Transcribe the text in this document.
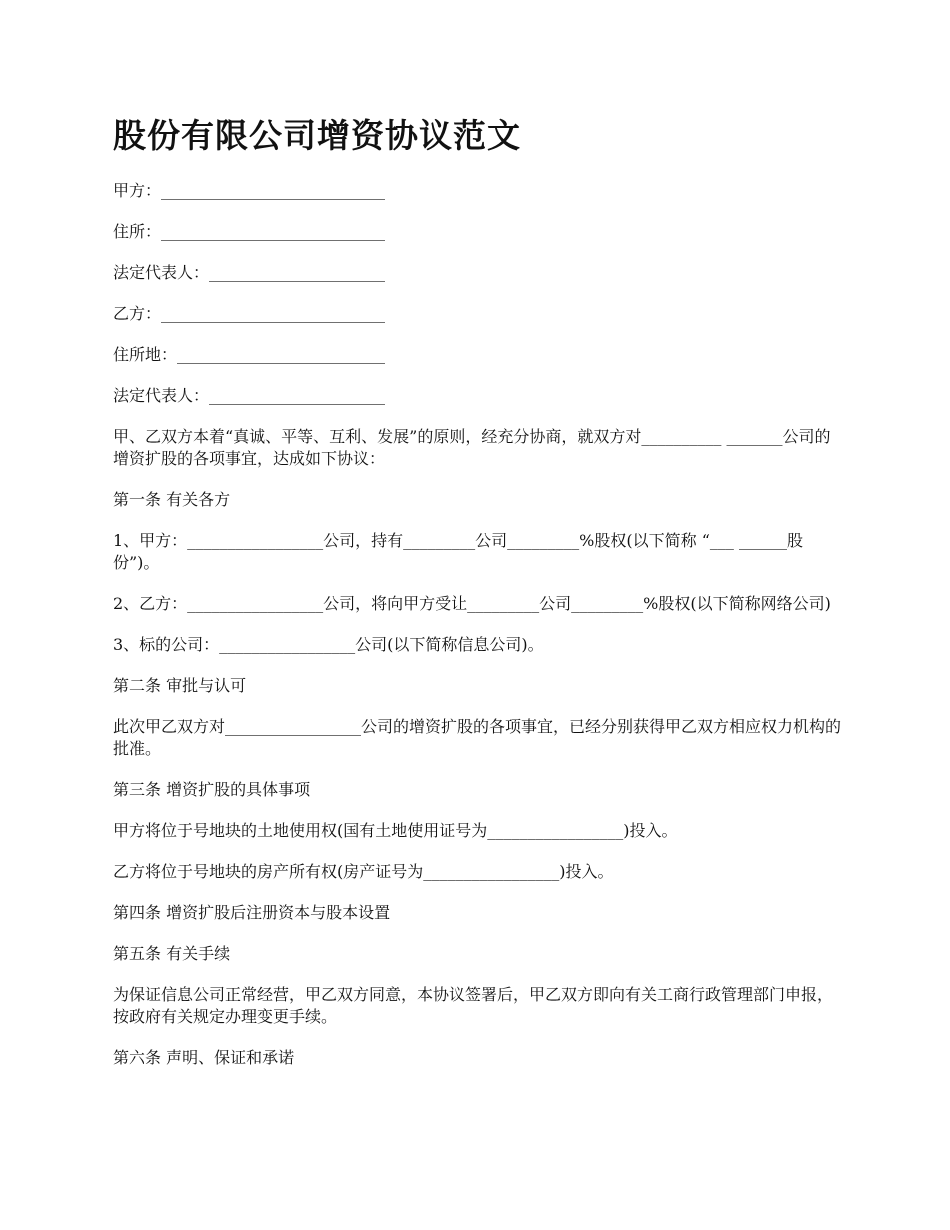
股份有限公司增资协议范文
甲方：____________________________
住所：____________________________
法定代表人：______________________
乙方：____________________________
住所地：__________________________
法定代表人：______________________

甲、乙双方本着“真诚、平等、互利、发展”的原则，经充分协商，就双方对__________ _______公司的增资扩股的各项事宜，达成如下协议：

第一条 有关各方

1、甲方：_________________公司，持有_________公司_________%股权(以下简称 “___ ______股份”)。

2、乙方：_________________公司，将向甲方受让_________公司_________%股权(以下简称网络公司)

3、标的公司：_________________公司(以下简称信息公司)。

第二条 审批与认可

此次甲乙双方对_________________公司的增资扩股的各项事宜，已经分别获得甲乙双方相应权力机构的批准。

第三条 增资扩股的具体事项

甲方将位于号地块的土地使用权(国有土地使用证号为_________________)投入。

乙方将位于号地块的房产所有权(房产证号为_________________)投入。

第四条 增资扩股后注册资本与股本设置

第五条 有关手续

为保证信息公司正常经营，甲乙双方同意，本协议签署后，甲乙双方即向有关工商行政管理部门申报，按政府有关规定办理变更手续。

第六条 声明、保证和承诺
